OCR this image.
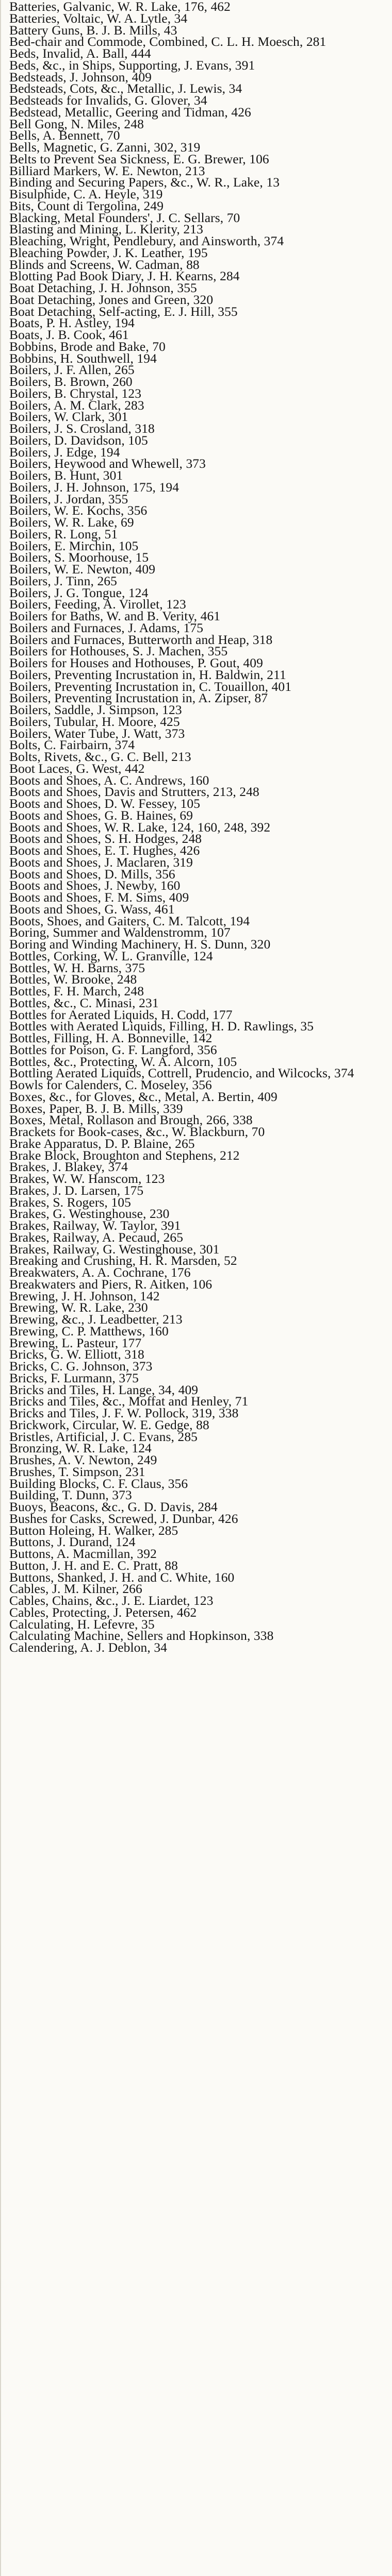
Batteries, Galvanic, W. R. Lake, 176, 462
Batteries, Voltaic, W. A. Lytle, 34
Battery Guns, B. J. B. Mills, 43
Bed-chair and Commode, Combined, C. L. H. Moesch, 281
Beds, Invalid, A. Ball, 444
Beds, &c., in Ships, Supporting, J. Evans, 391
Bedsteads, J. Johnson, 409
Bedsteads, Cots, &c., Metallic, J. Lewis, 34
Bedsteads for Invalids, G. Glover, 34
Bedstead, Metallic, Geering and Tidman, 426
Bell Gong, N. Miles, 248
Bells, A. Bennett, 70
Bells, Magnetic, G. Zanni, 302, 319
Belts to Prevent Sea Sickness, E. G. Brewer, 106
Billiard Markers, W. E. Newton, 213
Binding and Securing Papers, &c., W. R., Lake, 13
Bisulphide, C. A. Heyle, 319
Bits, Count di Tergolina, 249
Blacking, Metal Founders', J. C. Sellars, 70
Blasting and Mining, L. Klerity, 213
Bleaching, Wright, Pendlebury, and Ainsworth, 374
Bleaching Powder, J. K. Leather, 195
Blinds and Screens, W. Cadman, 88
Blotting Pad Book Diary, J. H. Kearns, 284
Boat Detaching, J. H. Johnson, 355
Boat Detaching, Jones and Green, 320
Boat Detaching, Self-acting, E. J. Hill, 355
Boats, P. H. Astley, 194
Boats, J. B. Cook, 461
Bobbins, Brode and Bake, 70
Bobbins, H. Southwell, 194
Boilers, J. F. Allen, 265
Boilers, B. Brown, 260
Boilers, B. Chrystal, 123
Boilers, A. M. Clark, 283
Boilers, W. Clark, 301
Boilers, J. S. Crosland, 318
Boilers, D. Davidson, 105
Boilers, J. Edge, 194
Boilers, Heywood and Whewell, 373
Boilers, B. Hunt, 301
Boilers, J. H. Johnson, 175, 194
Boilers, J. Jordan, 355
Boilers, W. E. Kochs, 356
Boilers, W. R. Lake, 69
Boilers, R. Long, 51
Boilers, E. Mirchin, 105
Boilers, S. Moorhouse, 15
Boilers, W. E. Newton, 409
Boilers, J. Tinn, 265
Boilers, J. G. Tongue, 124
Boilers, Feeding, A. Virollet, 123
Boilers for Baths, W. and B. Verity, 461
Boilers and Furnaces, J. Adams, 175
Boilers and Furnaces, Butterworth and Heap, 318
Boilers for Hothouses, S. J. Machen, 355
Boilers for Houses and Hothouses, P. Gout, 409
Boilers, Preventing Incrustation in, H. Baldwin, 211
Boilers, Preventing Incrustation in, C. Touaillon, 401
Boilers, Preventing Incrustation in, A. Zipser, 87
Boilers, Saddle, J. Simpson, 123
Boilers, Tubular, H. Moore, 425
Boilers, Water Tube, J. Watt, 373
Bolts, C. Fairbairn, 374
Bolts, Rivets, &c., G. C. Bell, 213
Boot Laces, G. West, 442
Boots and Shoes, A. C. Andrews, 160
Boots and Shoes, Davis and Strutters, 213, 248
Boots and Shoes, D. W. Fessey, 105
Boots and Shoes, G. B. Haines, 69
Boots and Shoes, W. R. Lake, 124, 160, 248, 392
Boots and Shoes, S. H. Hodges, 248
Boots and Shoes, E. T. Hughes, 426
Boots and Shoes, J. Maclaren, 319
Boots and Shoes, D. Mills, 356
Boots and Shoes, J. Newby, 160
Boots and Shoes, F. M. Sims, 409
Boots and Shoes, G. Wass, 461
Boots, Shoes, and Gaiters, C. M. Talcott, 194
Boring, Summer and Waldenstromm, 107
Boring and Winding Machinery, H. S. Dunn, 320
Bottles, Corking, W. L. Granville, 124
Bottles, W. H. Barns, 375
Bottles, W. Brooke, 248
Bottles, F. H. March, 248
Bottles, &c., C. Minasi, 231
Bottles for Aerated Liquids, H. Codd, 177
Bottles with Aerated Liquids, Filling, H. D. Rawlings, 35
Bottles, Filling, H. A. Bonneville, 142
Bottles for Poison, G. F. Langford, 356
Bottles, &c., Protecting, W. A. Alcorn, 105
Bottling Aerated Liquids, Cottrell, Prudencio, and Wilcocks, 374
Bowls for Calenders, C. Moseley, 356
Boxes, &c., for Gloves, &c., Metal, A. Bertin, 409
Boxes, Paper, B. J. B. Mills, 339
Boxes, Metal, Rollason and Brough, 266, 338
Brackets for Book-cases, &c., W. Blackburn, 70
Brake Apparatus, D. P. Blaine, 265
Brake Block, Broughton and Stephens, 212
Brakes, J. Blakey, 374
Brakes, W. W. Hanscom, 123
Brakes, J. D. Larsen, 175
Brakes, S. Rogers, 105
Brakes, G. Westinghouse, 230
Brakes, Railway, W. Taylor, 391
Brakes, Railway, A. Pecaud, 265
Brakes, Railway, G. Westinghouse, 301
Breaking and Crushing, H. R. Marsden, 52
Breakwaters, A. A. Cochrane, 176
Breakwaters and Piers, R. Aitken, 106
Brewing, J. H. Johnson, 142
Brewing, W. R. Lake, 230
Brewing, &c., J. Leadbetter, 213
Brewing, C. P. Matthews, 160
Brewing, L. Pasteur, 177
Bricks, G. W. Elliott, 318
Bricks, C. G. Johnson, 373
Bricks, F. Lurmann, 375
Bricks and Tiles, H. Lange, 34, 409
Bricks and Tiles, &c., Moffat and Henley, 71
Bricks and Tiles, J. F. W. Pollock, 319, 338
Brickwork, Circular, W. E. Gedge, 88
Bristles, Artificial, J. C. Evans, 285
Bronzing, W. R. Lake, 124
Brushes, A. V. Newton, 249
Brushes, T. Simpson, 231
Building Blocks, C. F. Claus, 356
Building, T. Dunn, 373
Buoys, Beacons, &c., G. D. Davis, 284
Bushes for Casks, Screwed, J. Dunbar, 426
Button Holeing, H. Walker, 285
Buttons, J. Durand, 124
Buttons, A. Macmillan, 392
Button, J. H. and E. C. Pratt, 88
Buttons, Shanked, J. H. and C. White, 160
Cables, J. M. Kilner, 266
Cables, Chains, &c., J. E. Liardet, 123
Cables, Protecting, J. Petersen, 462
Calculating, H. Lefevre, 35
Calculating Machine, Sellers and Hopkinson, 338
Calendering, A. J. Deblon, 34
